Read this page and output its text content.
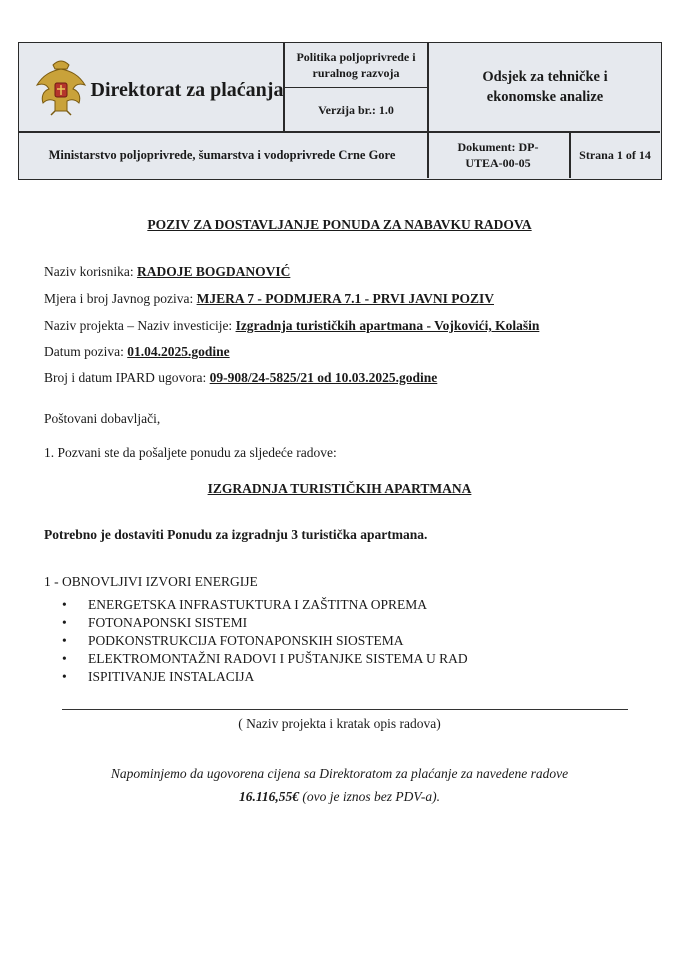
Direktorat za plaćanja
Politika poljoprivrede i ruralnog razvoja
Verzija br.: 1.0
Odsjek za tehničke i ekonomske analize
Ministarstvo poljoprivrede, šumarstva i vodoprivrede Crne Gore
Dokument: DP-UTEA-00-05
Strana 1 of 14
POZIV ZA DOSTAVLJANJE PONUDA ZA NABAVKU RADOVA
Naziv korisnika: RADOJE BOGDANOVIĆ
Mjera i broj Javnog poziva: MJERA 7 - PODMJERA 7.1 - PRVI JAVNI POZIV
Naziv projekta – Naziv investicije: Izgradnja turističkih apartmana - Vojkovići, Kolašin
Datum poziva: 01.04.2025.godine
Broj i datum IPARD ugovora: 09-908/24-5825/21 od 10.03.2025.godine
Poštovani dobavljači,
1. Pozvani ste da pošaljete ponudu za sljedeće radove:
IZGRADNJA TURISTIČKIH APARTMANA
Potrebno je dostaviti Ponudu za izgradnju 3 turistička apartmana.
1 - OBNOVLJIVI IZVORI ENERGIJE
• ENERGETSKA INFRASTUKTURA I ZAŠTITNA OPREMA
• FOTONAPONSKI SISTEMI
• PODKONSTRUKCIJA FOTONAPONSKIH SIOSTEMA
• ELEKTROMONTAŽNI RADOVI I PUŠTANJKE SISTEMA U RAD
• ISPITIVANJE INSTALACIJA
( Naziv projekta i kratak opis radova)
Napominjemo da ugovorena cijena sa Direktoratom za plaćanje za navedene radove
16.116,55€ (ovo je iznos bez PDV-a).
